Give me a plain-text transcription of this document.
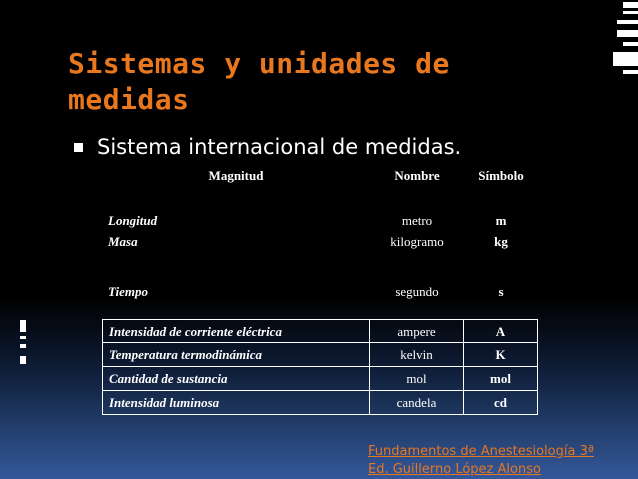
Sistemas y unidades de medidas
Sistema internacional de medidas.
Magnitud	Nombre	Símbolo
Longitud	metro	m
Masa	kilogramo	kg
Tiempo	segundo	s
Intensidad de corriente eléctrica	ampere	A
Temperatura termodinámica	kelvin	K
Cantidad de sustancia	mol	mol
Intensidad luminosa	candela	cd
Fundamentos de Anestesiología 3ª
Ed. Guillerno López Alonso
